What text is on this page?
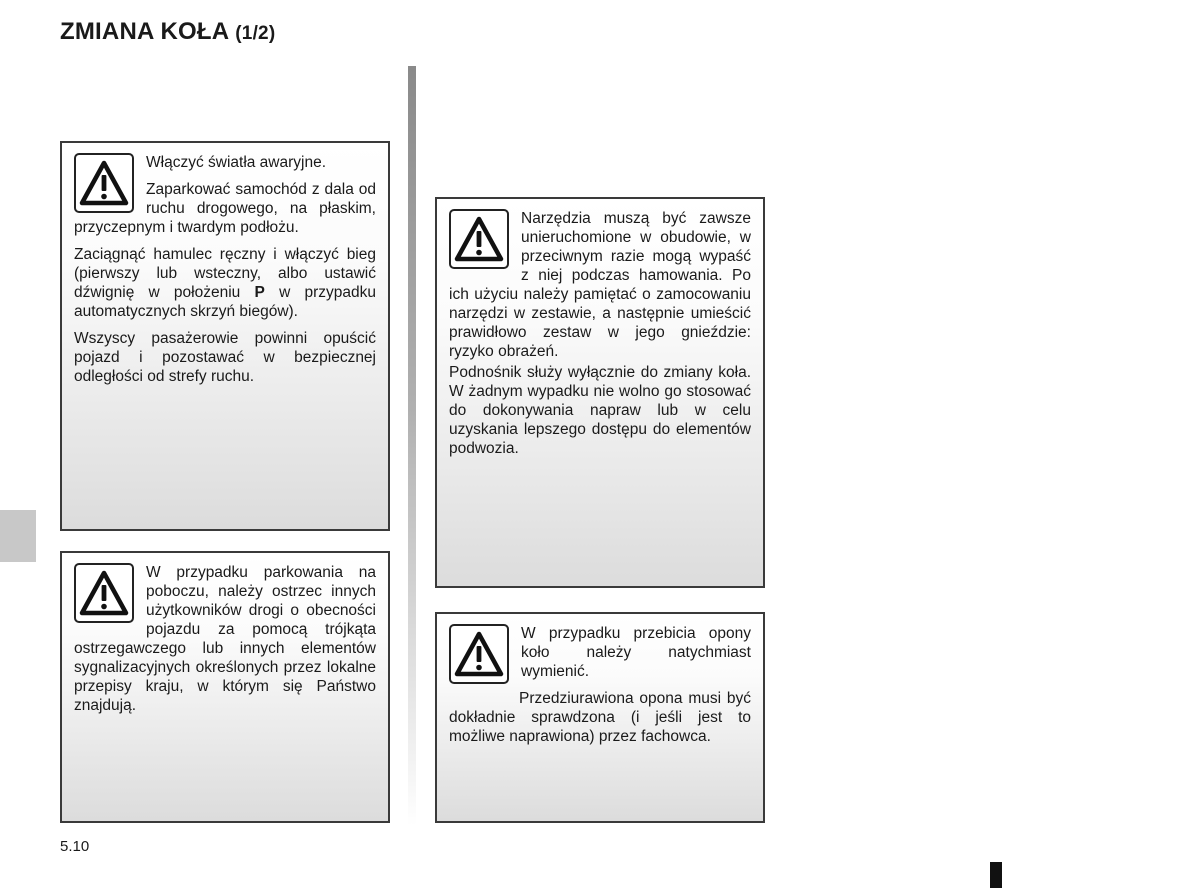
ZMIANA KOŁA (1/2)

Włączyć światła awaryjne.

Zaparkować samochód z dala od ruchu drogowego, na płaskim, przyczepnym i twardym podłożu.

Zaciągnąć hamulec ręczny i włączyć bieg (pierwszy lub wsteczny, albo ustawić dźwignię w położeniu P w przypadku automatycznych skrzyń biegów).

Wszyscy pasażerowie powinni opuścić pojazd i pozostawać w bezpiecznej odległości od strefy ruchu.

W przypadku parkowania na poboczu, należy ostrzec innych użytkowników drogi o obecności pojazdu za pomocą trójkąta ostrzegawczego lub innych elementów sygnalizacyjnych określonych przez lokalne przepisy kraju, w którym się Państwo znajdują.

Narzędzia muszą być zawsze unieruchomione w obudowie, w przeciwnym razie mogą wypaść z niej podczas hamowania. Po ich użyciu należy pamiętać o zamocowaniu narzędzi w zestawie, a następnie umieścić prawidłowo zestaw w jego gnieździe: ryzyko obrażeń.

Podnośnik służy wyłącznie do zmiany koła. W żadnym wypadku nie wolno go stosować do dokonywania napraw lub w celu uzyskania lepszego dostępu do elementów podwozia.

W przypadku przebicia opony koło należy natychmiast wymienić.

Przedziurawiona opona musi być dokładnie sprawdzona (i jeśli jest to możliwe naprawiona) przez fachowca.

5.10
